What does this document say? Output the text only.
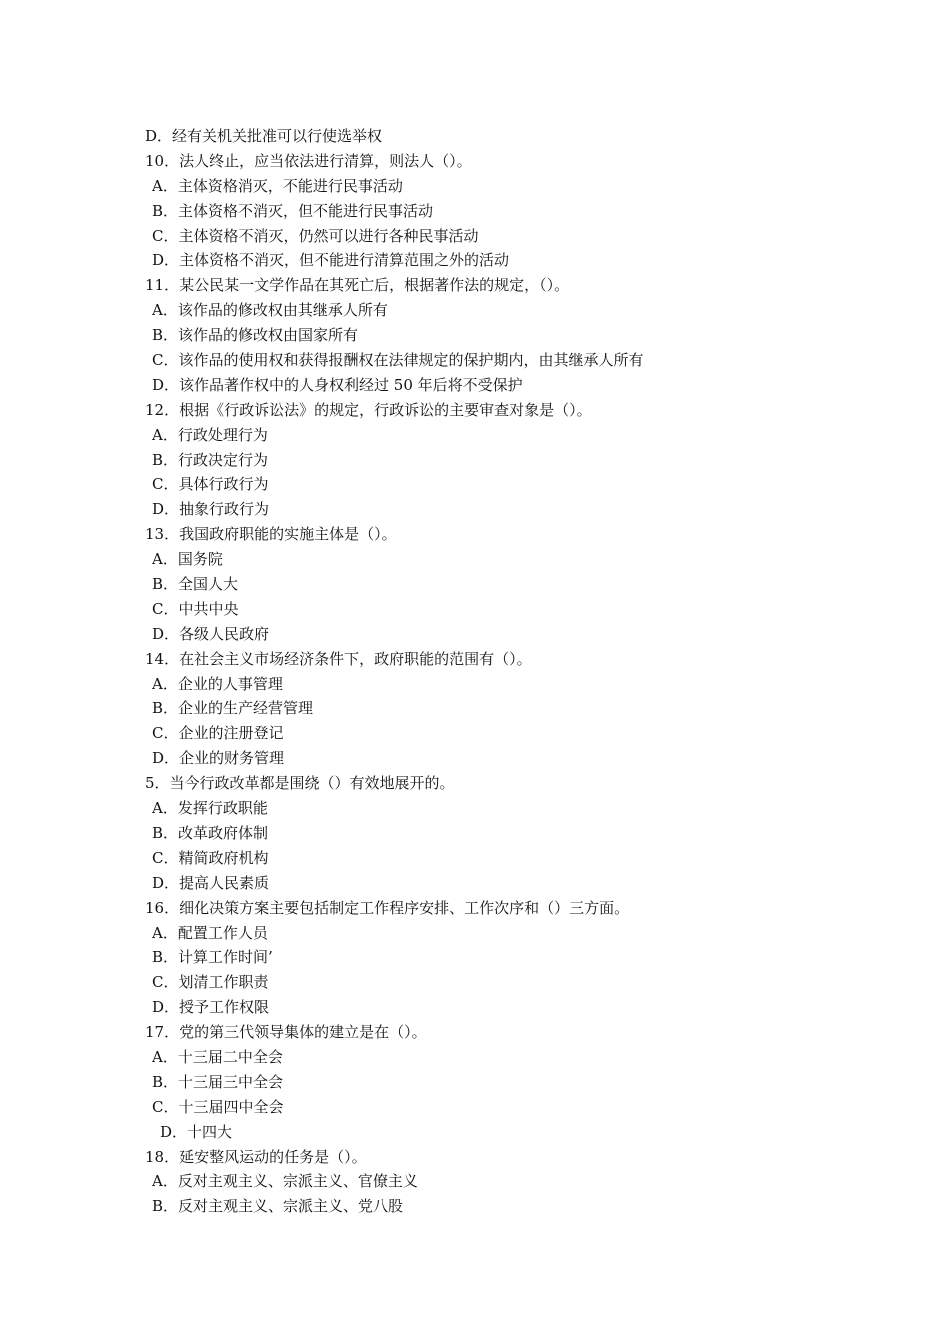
D．经有关机关批准可以行使选举权
10．法人终止，应当依法进行清算，则法人（）。
A．主体资格消灭，不能进行民事活动
B．主体资格不消灭，但不能进行民事活动
C．主体资格不消灭，仍然可以进行各种民事活动
D．主体资格不消灭，但不能进行清算范围之外的活动
11．某公民某一文学作品在其死亡后，根据著作法的规定，（）。
A．该作品的修改权由其继承人所有
B．该作品的修改权由国家所有
C．该作品的使用权和获得报酬权在法律规定的保护期内，由其继承人所有
D．该作品著作权中的人身权利经过 50 年后将不受保护
12．根据《行政诉讼法》的规定，行政诉讼的主要审查对象是（）。
A．行政处理行为
B．行政决定行为
C．具体行政行为
D．抽象行政行为
13．我国政府职能的实施主体是（）。
A．国务院
B．全国人大
C．中共中央
D．各级人民政府
14．在社会主义市场经济条件下，政府职能的范围有（）。
A．企业的人事管理
B．企业的生产经营管理
C．企业的注册登记
D．企业的财务管理
5．当今行政改革都是围绕（）有效地展开的。
A．发挥行政职能
B．改革政府体制
C．精简政府机构
D．提高人民素质
16．细化决策方案主要包括制定工作程序安排、工作次序和（）三方面。
A．配置工作人员
B．计算工作时间’
C．划清工作职责
D．授予工作权限
17．党的第三代领导集体的建立是在（）。
A．十三届二中全会
B．十三届三中全会
C．十三届四中全会
D．十四大
18．延安整风运动的任务是（）。
A．反对主观主义、宗派主义、官僚主义
B．反对主观主义、宗派主义、党八股
